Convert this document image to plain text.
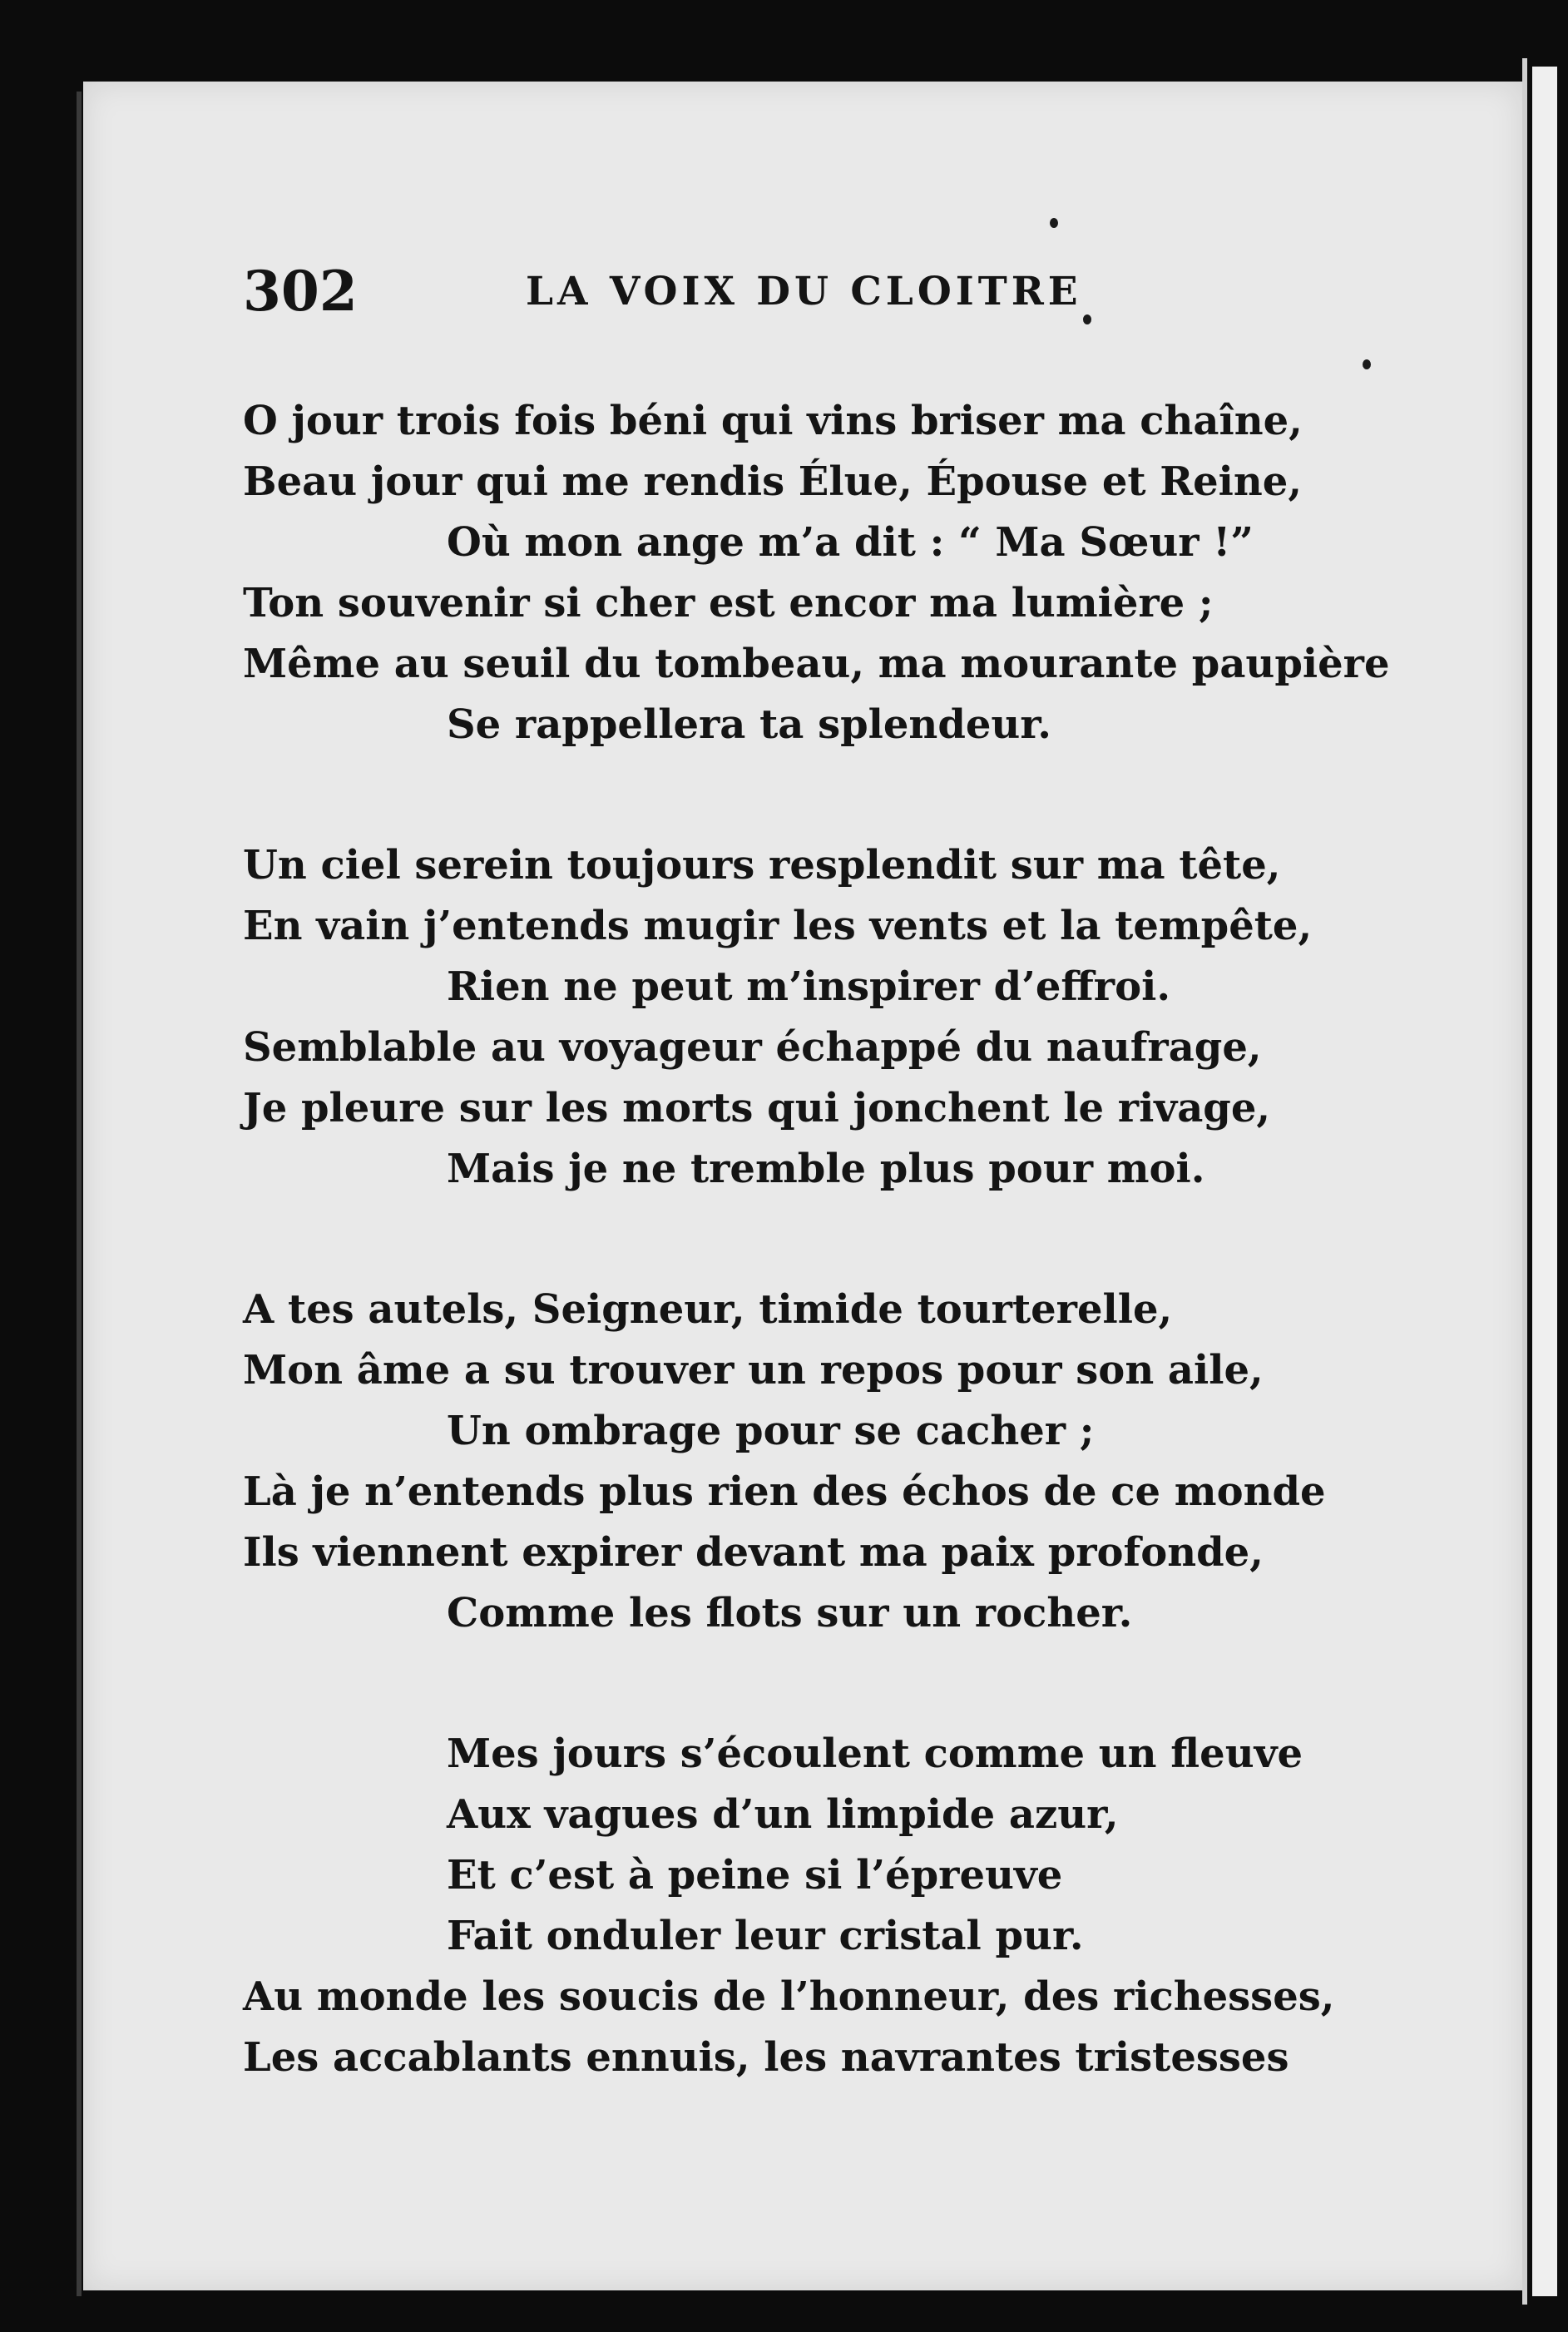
302	LA VOIX DU CLOITRE
O jour trois fois béni qui vins briser ma chaîne,
Beau jour qui me rendis Élue, Épouse et Reine,
Où mon ange m’a dit : “ Ma Sœur !”
Ton souvenir si cher est encor ma lumière ;
Même au seuil du tombeau, ma mourante paupière
Se rappellera ta splendeur.
Un ciel serein toujours resplendit sur ma tête,
En vain j’entends mugir les vents et la tempête,
Rien ne peut m’inspirer d’effroi.
Semblable au voyageur échappé du naufrage,
Je pleure sur les morts qui jonchent le rivage,
Mais je ne tremble plus pour moi.
A tes autels, Seigneur, timide tourterelle,
Mon âme a su trouver un repos pour son aile,
Un ombrage pour se cacher ;
Là je n’entends plus rien des échos de ce monde
Ils viennent expirer devant ma paix profonde,
Comme les flots sur un rocher.
Mes jours s’écoulent comme un fleuve
Aux vagues d’un limpide azur,
Et c’est à peine si l’épreuve
Fait onduler leur cristal pur.
Au monde les soucis de l’honneur, des richesses,
Les accablants ennuis, les navrantes tristesses
